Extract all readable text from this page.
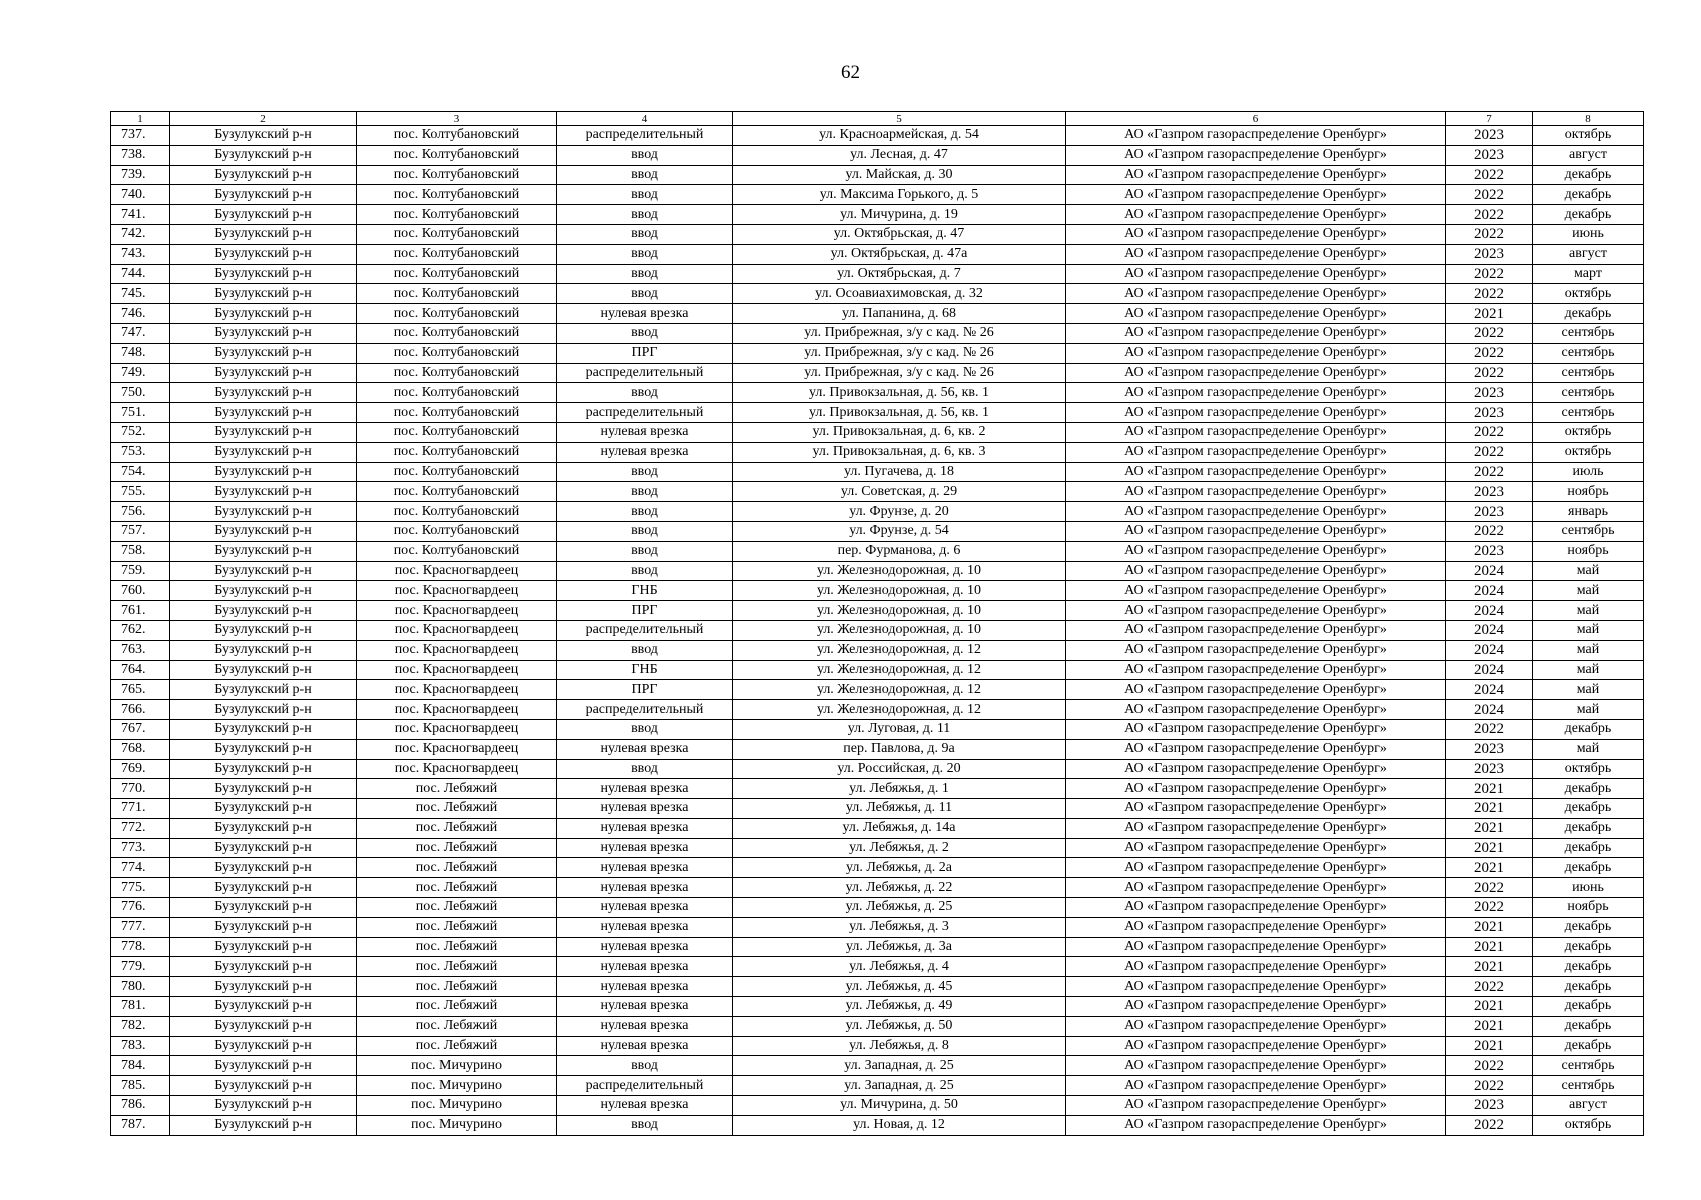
62
1	2	3	4	5	6	7	8
737.	Бузулукский р-н	пос. Колтубановский	распределительный	ул. Красноармейская, д. 54	АО «Газпром газораспределение Оренбург»	2023	октябрь
738.	Бузулукский р-н	пос. Колтубановский	ввод	ул. Лесная, д. 47	АО «Газпром газораспределение Оренбург»	2023	август
739.	Бузулукский р-н	пос. Колтубановский	ввод	ул. Майская, д. 30	АО «Газпром газораспределение Оренбург»	2022	декабрь
740.	Бузулукский р-н	пос. Колтубановский	ввод	ул. Максима Горького, д. 5	АО «Газпром газораспределение Оренбург»	2022	декабрь
741.	Бузулукский р-н	пос. Колтубановский	ввод	ул. Мичурина, д. 19	АО «Газпром газораспределение Оренбург»	2022	декабрь
742.	Бузулукский р-н	пос. Колтубановский	ввод	ул. Октябрьская, д. 47	АО «Газпром газораспределение Оренбург»	2022	июнь
743.	Бузулукский р-н	пос. Колтубановский	ввод	ул. Октябрьская, д. 47а	АО «Газпром газораспределение Оренбург»	2023	август
744.	Бузулукский р-н	пос. Колтубановский	ввод	ул. Октябрьская, д. 7	АО «Газпром газораспределение Оренбург»	2022	март
745.	Бузулукский р-н	пос. Колтубановский	ввод	ул. Осоавиахимовская, д. 32	АО «Газпром газораспределение Оренбург»	2022	октябрь
746.	Бузулукский р-н	пос. Колтубановский	нулевая врезка	ул. Папанина, д. 68	АО «Газпром газораспределение Оренбург»	2021	декабрь
747.	Бузулукский р-н	пос. Колтубановский	ввод	ул. Прибрежная, з/у с кад. № 26	АО «Газпром газораспределение Оренбург»	2022	сентябрь
748.	Бузулукский р-н	пос. Колтубановский	ПРГ	ул. Прибрежная, з/у с кад. № 26	АО «Газпром газораспределение Оренбург»	2022	сентябрь
749.	Бузулукский р-н	пос. Колтубановский	распределительный	ул. Прибрежная, з/у с кад. № 26	АО «Газпром газораспределение Оренбург»	2022	сентябрь
750.	Бузулукский р-н	пос. Колтубановский	ввод	ул. Привокзальная, д. 56, кв. 1	АО «Газпром газораспределение Оренбург»	2023	сентябрь
751.	Бузулукский р-н	пос. Колтубановский	распределительный	ул. Привокзальная, д. 56, кв. 1	АО «Газпром газораспределение Оренбург»	2023	сентябрь
752.	Бузулукский р-н	пос. Колтубановский	нулевая врезка	ул. Привокзальная, д. 6, кв. 2	АО «Газпром газораспределение Оренбург»	2022	октябрь
753.	Бузулукский р-н	пос. Колтубановский	нулевая врезка	ул. Привокзальная, д. 6, кв. 3	АО «Газпром газораспределение Оренбург»	2022	октябрь
754.	Бузулукский р-н	пос. Колтубановский	ввод	ул. Пугачева, д. 18	АО «Газпром газораспределение Оренбург»	2022	июль
755.	Бузулукский р-н	пос. Колтубановский	ввод	ул. Советская, д. 29	АО «Газпром газораспределение Оренбург»	2023	ноябрь
756.	Бузулукский р-н	пос. Колтубановский	ввод	ул. Фрунзе, д. 20	АО «Газпром газораспределение Оренбург»	2023	январь
757.	Бузулукский р-н	пос. Колтубановский	ввод	ул. Фрунзе, д. 54	АО «Газпром газораспределение Оренбург»	2022	сентябрь
758.	Бузулукский р-н	пос. Колтубановский	ввод	пер. Фурманова, д. 6	АО «Газпром газораспределение Оренбург»	2023	ноябрь
759.	Бузулукский р-н	пос. Красногвардеец	ввод	ул. Железнодорожная, д. 10	АО «Газпром газораспределение Оренбург»	2024	май
760.	Бузулукский р-н	пос. Красногвардеец	ГНБ	ул. Железнодорожная, д. 10	АО «Газпром газораспределение Оренбург»	2024	май
761.	Бузулукский р-н	пос. Красногвардеец	ПРГ	ул. Железнодорожная, д. 10	АО «Газпром газораспределение Оренбург»	2024	май
762.	Бузулукский р-н	пос. Красногвардеец	распределительный	ул. Железнодорожная, д. 10	АО «Газпром газораспределение Оренбург»	2024	май
763.	Бузулукский р-н	пос. Красногвардеец	ввод	ул. Железнодорожная, д. 12	АО «Газпром газораспределение Оренбург»	2024	май
764.	Бузулукский р-н	пос. Красногвардеец	ГНБ	ул. Железнодорожная, д. 12	АО «Газпром газораспределение Оренбург»	2024	май
765.	Бузулукский р-н	пос. Красногвардеец	ПРГ	ул. Железнодорожная, д. 12	АО «Газпром газораспределение Оренбург»	2024	май
766.	Бузулукский р-н	пос. Красногвардеец	распределительный	ул. Железнодорожная, д. 12	АО «Газпром газораспределение Оренбург»	2024	май
767.	Бузулукский р-н	пос. Красногвардеец	ввод	ул. Луговая, д. 11	АО «Газпром газораспределение Оренбург»	2022	декабрь
768.	Бузулукский р-н	пос. Красногвардеец	нулевая врезка	пер. Павлова, д. 9а	АО «Газпром газораспределение Оренбург»	2023	май
769.	Бузулукский р-н	пос. Красногвардеец	ввод	ул. Российская, д. 20	АО «Газпром газораспределение Оренбург»	2023	октябрь
770.	Бузулукский р-н	пос. Лебяжий	нулевая врезка	ул. Лебяжья, д. 1	АО «Газпром газораспределение Оренбург»	2021	декабрь
771.	Бузулукский р-н	пос. Лебяжий	нулевая врезка	ул. Лебяжья, д. 11	АО «Газпром газораспределение Оренбург»	2021	декабрь
772.	Бузулукский р-н	пос. Лебяжий	нулевая врезка	ул. Лебяжья, д. 14а	АО «Газпром газораспределение Оренбург»	2021	декабрь
773.	Бузулукский р-н	пос. Лебяжий	нулевая врезка	ул. Лебяжья, д. 2	АО «Газпром газораспределение Оренбург»	2021	декабрь
774.	Бузулукский р-н	пос. Лебяжий	нулевая врезка	ул. Лебяжья, д. 2а	АО «Газпром газораспределение Оренбург»	2021	декабрь
775.	Бузулукский р-н	пос. Лебяжий	нулевая врезка	ул. Лебяжья, д. 22	АО «Газпром газораспределение Оренбург»	2022	июнь
776.	Бузулукский р-н	пос. Лебяжий	нулевая врезка	ул. Лебяжья, д. 25	АО «Газпром газораспределение Оренбург»	2022	ноябрь
777.	Бузулукский р-н	пос. Лебяжий	нулевая врезка	ул. Лебяжья, д. 3	АО «Газпром газораспределение Оренбург»	2021	декабрь
778.	Бузулукский р-н	пос. Лебяжий	нулевая врезка	ул. Лебяжья, д. 3а	АО «Газпром газораспределение Оренбург»	2021	декабрь
779.	Бузулукский р-н	пос. Лебяжий	нулевая врезка	ул. Лебяжья, д. 4	АО «Газпром газораспределение Оренбург»	2021	декабрь
780.	Бузулукский р-н	пос. Лебяжий	нулевая врезка	ул. Лебяжья, д. 45	АО «Газпром газораспределение Оренбург»	2022	декабрь
781.	Бузулукский р-н	пос. Лебяжий	нулевая врезка	ул. Лебяжья, д. 49	АО «Газпром газораспределение Оренбург»	2021	декабрь
782.	Бузулукский р-н	пос. Лебяжий	нулевая врезка	ул. Лебяжья, д. 50	АО «Газпром газораспределение Оренбург»	2021	декабрь
783.	Бузулукский р-н	пос. Лебяжий	нулевая врезка	ул. Лебяжья, д. 8	АО «Газпром газораспределение Оренбург»	2021	декабрь
784.	Бузулукский р-н	пос. Мичурино	ввод	ул. Западная, д. 25	АО «Газпром газораспределение Оренбург»	2022	сентябрь
785.	Бузулукский р-н	пос. Мичурино	распределительный	ул. Западная, д. 25	АО «Газпром газораспределение Оренбург»	2022	сентябрь
786.	Бузулукский р-н	пос. Мичурино	нулевая врезка	ул. Мичурина, д. 50	АО «Газпром газораспределение Оренбург»	2023	август
787.	Бузулукский р-н	пос. Мичурино	ввод	ул. Новая, д. 12	АО «Газпром газораспределение Оренбург»	2022	октябрь
